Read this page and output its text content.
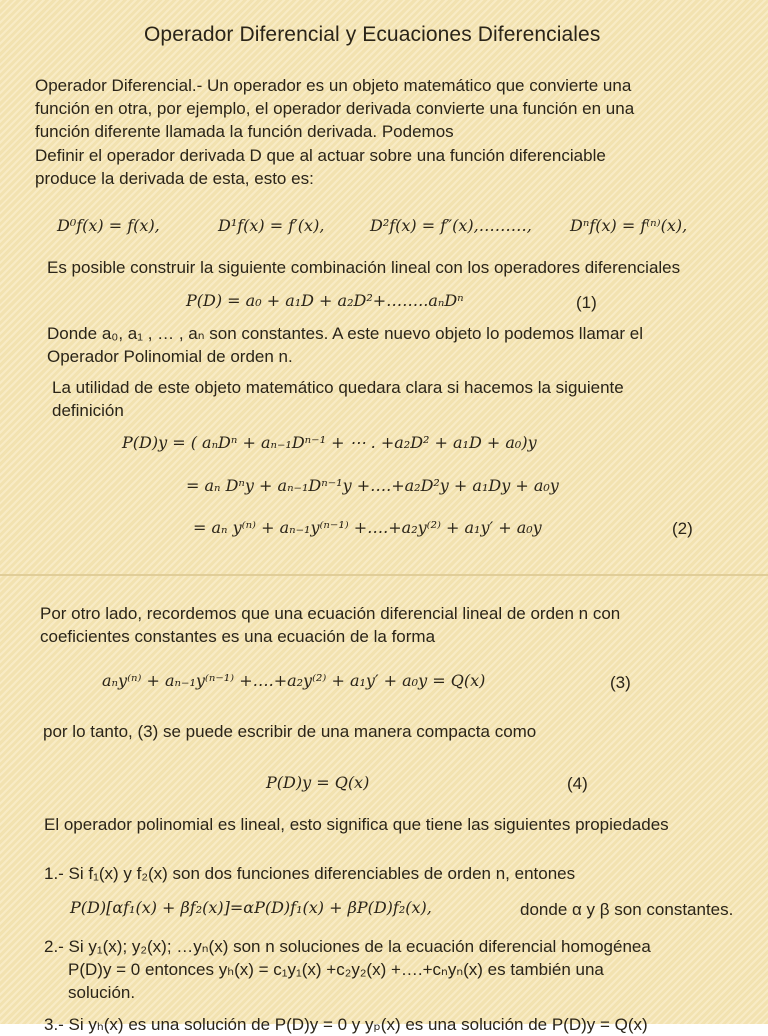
Operador Diferencial y Ecuaciones Diferenciales
Operador Diferencial.- Un operador es un objeto matemático que convierte una
función en otra, por ejemplo, el operador derivada convierte una función en una
función diferente llamada la función derivada. Podemos
Definir el operador derivada D que al actuar sobre una función diferenciable
produce la derivada de esta, esto es:
D⁰f(x) = f(x),	D¹f(x) = f′(x),	D²f(x) = f″(x),………, Dⁿf(x) = f⁽ⁿ⁾(x),
Es posible construir la siguiente combinación lineal con los operadores diferenciales
P(D) = a₀ + a₁D + a₂D²+……..aₙDⁿ	(1)
Donde a₀, a₁ , … , aₙ son constantes. A este nuevo objeto lo podemos llamar el
Operador Polinomial de orden n.
La utilidad de este objeto matemático quedara clara si hacemos la siguiente
definición
P(D)y = ( aₙDⁿ + aₙ₋₁Dⁿ⁻¹ + ⋯ . +a₂D² + a₁D + a₀)y
= aₙ Dⁿy + aₙ₋₁Dⁿ⁻¹y +….+a₂D²y + a₁Dy + a₀y
= aₙ y⁽ⁿ⁾ + aₙ₋₁y⁽ⁿ⁻¹⁾ +….+a₂y⁽²⁾ + a₁y′ + a₀y	(2)
Por otro lado, recordemos que una ecuación diferencial lineal de orden n con
coeficientes constantes es una ecuación de la forma
aₙy⁽ⁿ⁾ + aₙ₋₁y⁽ⁿ⁻¹⁾ +….+a₂y⁽²⁾ + a₁y′ + a₀y = Q(x)	(3)
por lo tanto, (3) se puede escribir de una manera compacta como
P(D)y = Q(x)	(4)
El operador polinomial es lineal, esto significa que tiene las siguientes propiedades
1.- Si f₁(x) y f₂(x) son dos funciones diferenciables de orden n, entones
P(D)[αf₁(x) + βf₂(x)]=αP(D)f₁(x) + βP(D)f₂(x),	donde α y β son constantes.
2.- Si y₁(x); y₂(x); …yₙ(x) son n soluciones de la ecuación diferencial homogénea
P(D)y = 0 entonces yₕ(x) = c₁y₁(x) +c₂y₂(x) +….+cₙyₙ(x) es también una
solución.
3.- Si yₕ(x) es una solución de P(D)y = 0 y yₚ(x) es una solución de P(D)y = Q(x)
